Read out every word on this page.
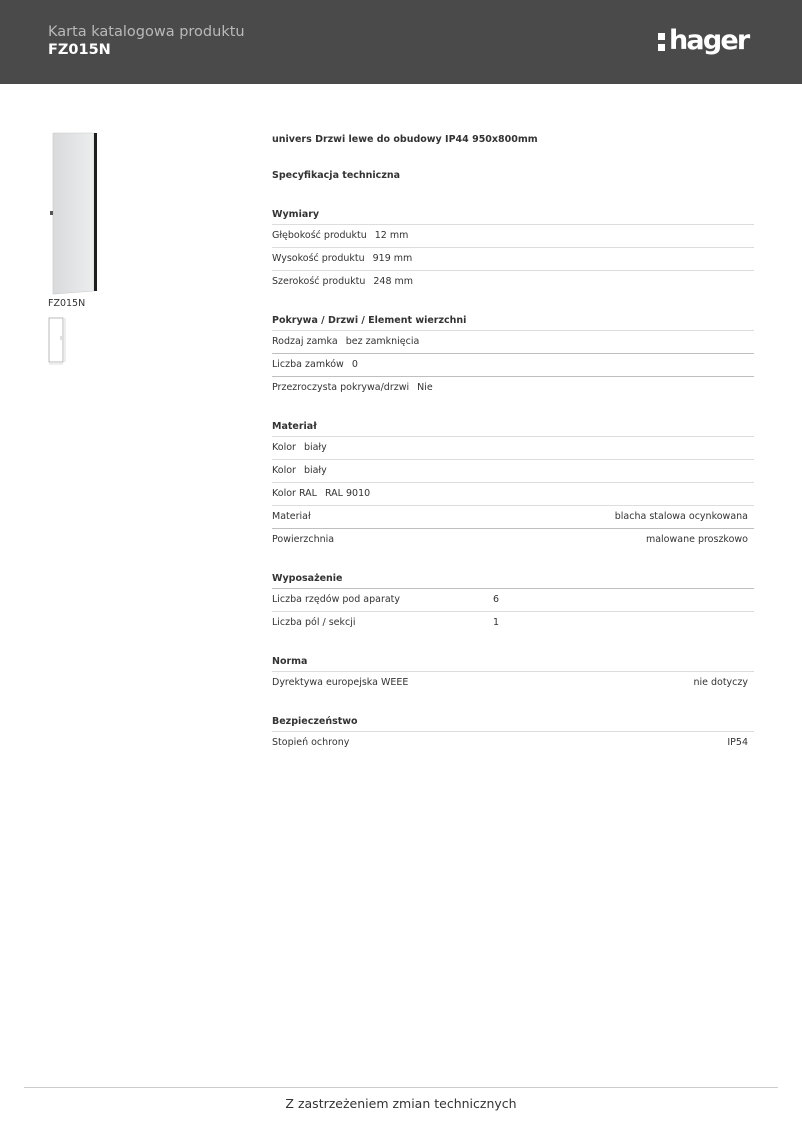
Karta katalogowa produktu
FZ015N	hager
FZ015N
univers Drzwi lewe do obudowy IP44 950x800mm
Specyfikacja techniczna
Wymiary
Głębokość produktu 12 mm
Wysokość produktu 919 mm
Szerokość produktu 248 mm
Pokrywa / Drzwi / Element wierzchni
Rodzaj zamka bez zamknięcia
Liczba zamków 0
Przezroczysta pokrywa/drzwi Nie
Materiał
Kolor biały
Kolor biały
Kolor RAL RAL 9010
Materiał	blacha stalowa ocynkowana
Powierzchnia	malowane proszkowo
Wyposażenie
Liczba rzędów pod aparaty	6
Liczba pól / sekcji	1
Norma
Dyrektywa europejska WEEE	nie dotyczy
Bezpieczeństwo
Stopień ochrony	IP54
Z zastrzeżeniem zmian technicznych
